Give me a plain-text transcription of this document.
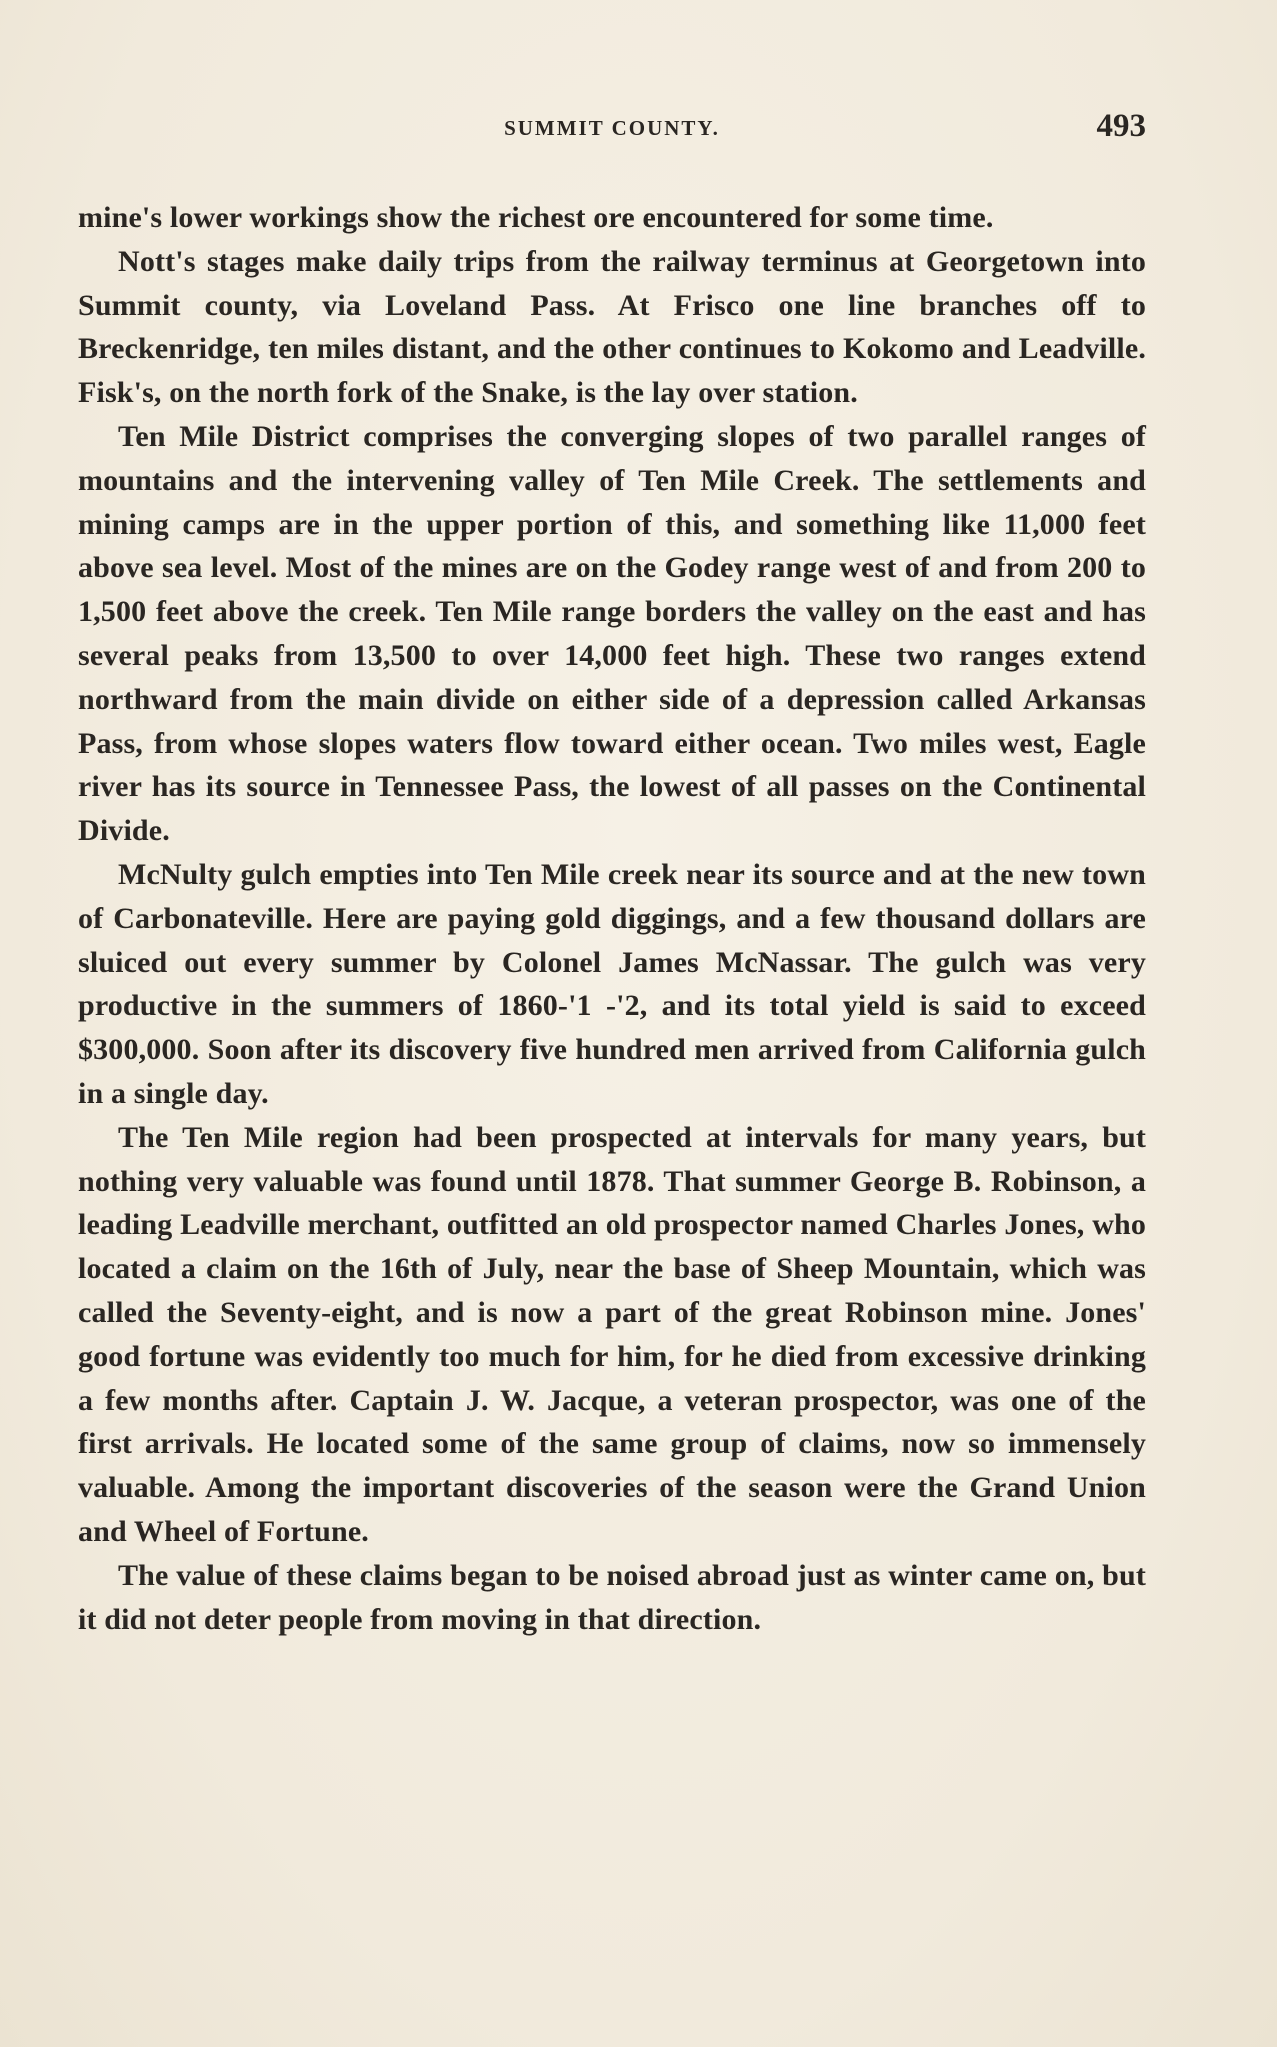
SUMMIT COUNTY.	493

mine's lower workings show the richest ore encountered for some time.

Nott's stages make daily trips from the railway terminus at Georgetown into Summit county, via Loveland Pass. At Frisco one line branches off to Breckenridge, ten miles distant, and the other continues to Kokomo and Leadville. Fisk's, on the north fork of the Snake, is the lay over station.

Ten Mile District comprises the converging slopes of two parallel ranges of mountains and the intervening valley of Ten Mile Creek. The settlements and mining camps are in the upper portion of this, and something like 11,000 feet above sea level. Most of the mines are on the Godey range west of and from 200 to 1,500 feet above the creek. Ten Mile range borders the valley on the east and has several peaks from 13,500 to over 14,000 feet high. These two ranges extend northward from the main divide on either side of a depression called Arkansas Pass, from whose slopes waters flow toward either ocean. Two miles west, Eagle river has its source in Tennessee Pass, the lowest of all passes on the Continental Divide.

McNulty gulch empties into Ten Mile creek near its source and at the new town of Carbonateville. Here are paying gold diggings, and a few thousand dollars are sluiced out every summer by Colonel James McNassar. The gulch was very productive in the summers of 1860-'1 -'2, and its total yield is said to exceed $300,000. Soon after its discovery five hundred men arrived from California gulch in a single day.

The Ten Mile region had been prospected at intervals for many years, but nothing very valuable was found until 1878. That summer George B. Robinson, a leading Leadville merchant, outfitted an old prospector named Charles Jones, who located a claim on the 16th of July, near the base of Sheep Mountain, which was called the Seventy-eight, and is now a part of the great Robinson mine. Jones' good fortune was evidently too much for him, for he died from excessive drinking a few months after. Captain J. W. Jacque, a veteran prospector, was one of the first arrivals. He located some of the same group of claims, now so immensely valuable. Among the important discoveries of the season were the Grand Union and Wheel of Fortune.

The value of these claims began to be noised abroad just as winter came on, but it did not deter people from moving in that direction.
